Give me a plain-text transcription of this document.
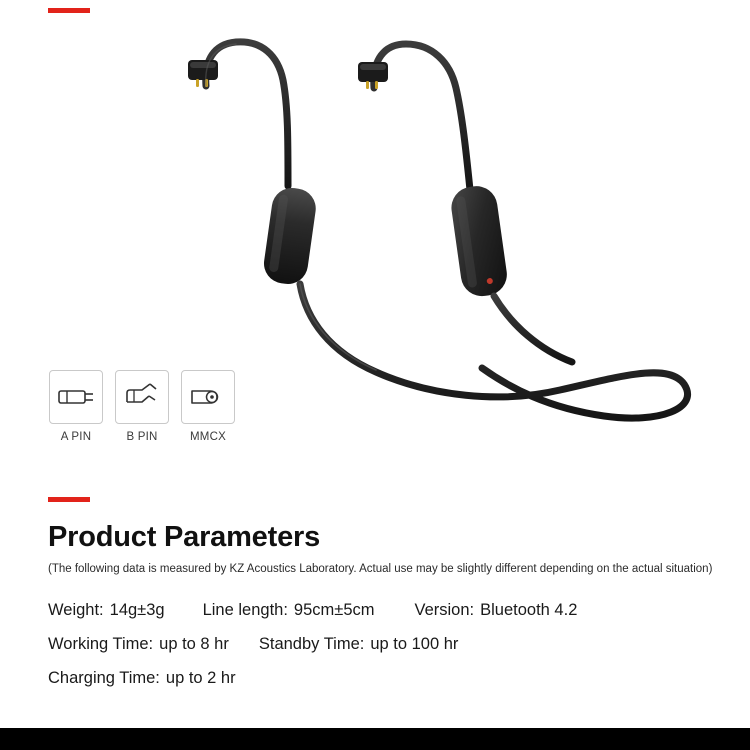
A PIN	B PIN	MMCX
Product Parameters
(The following data is measured by KZ Acoustics Laboratory. Actual use may be slightly different depending on the actual situation)
Weight: 14g±3g Line length: 95cm±5cm Version: Bluetooth 4.2
Working Time: up to 8 hr Standby Time: up to 100 hr
Charging Time: up to 2 hr
